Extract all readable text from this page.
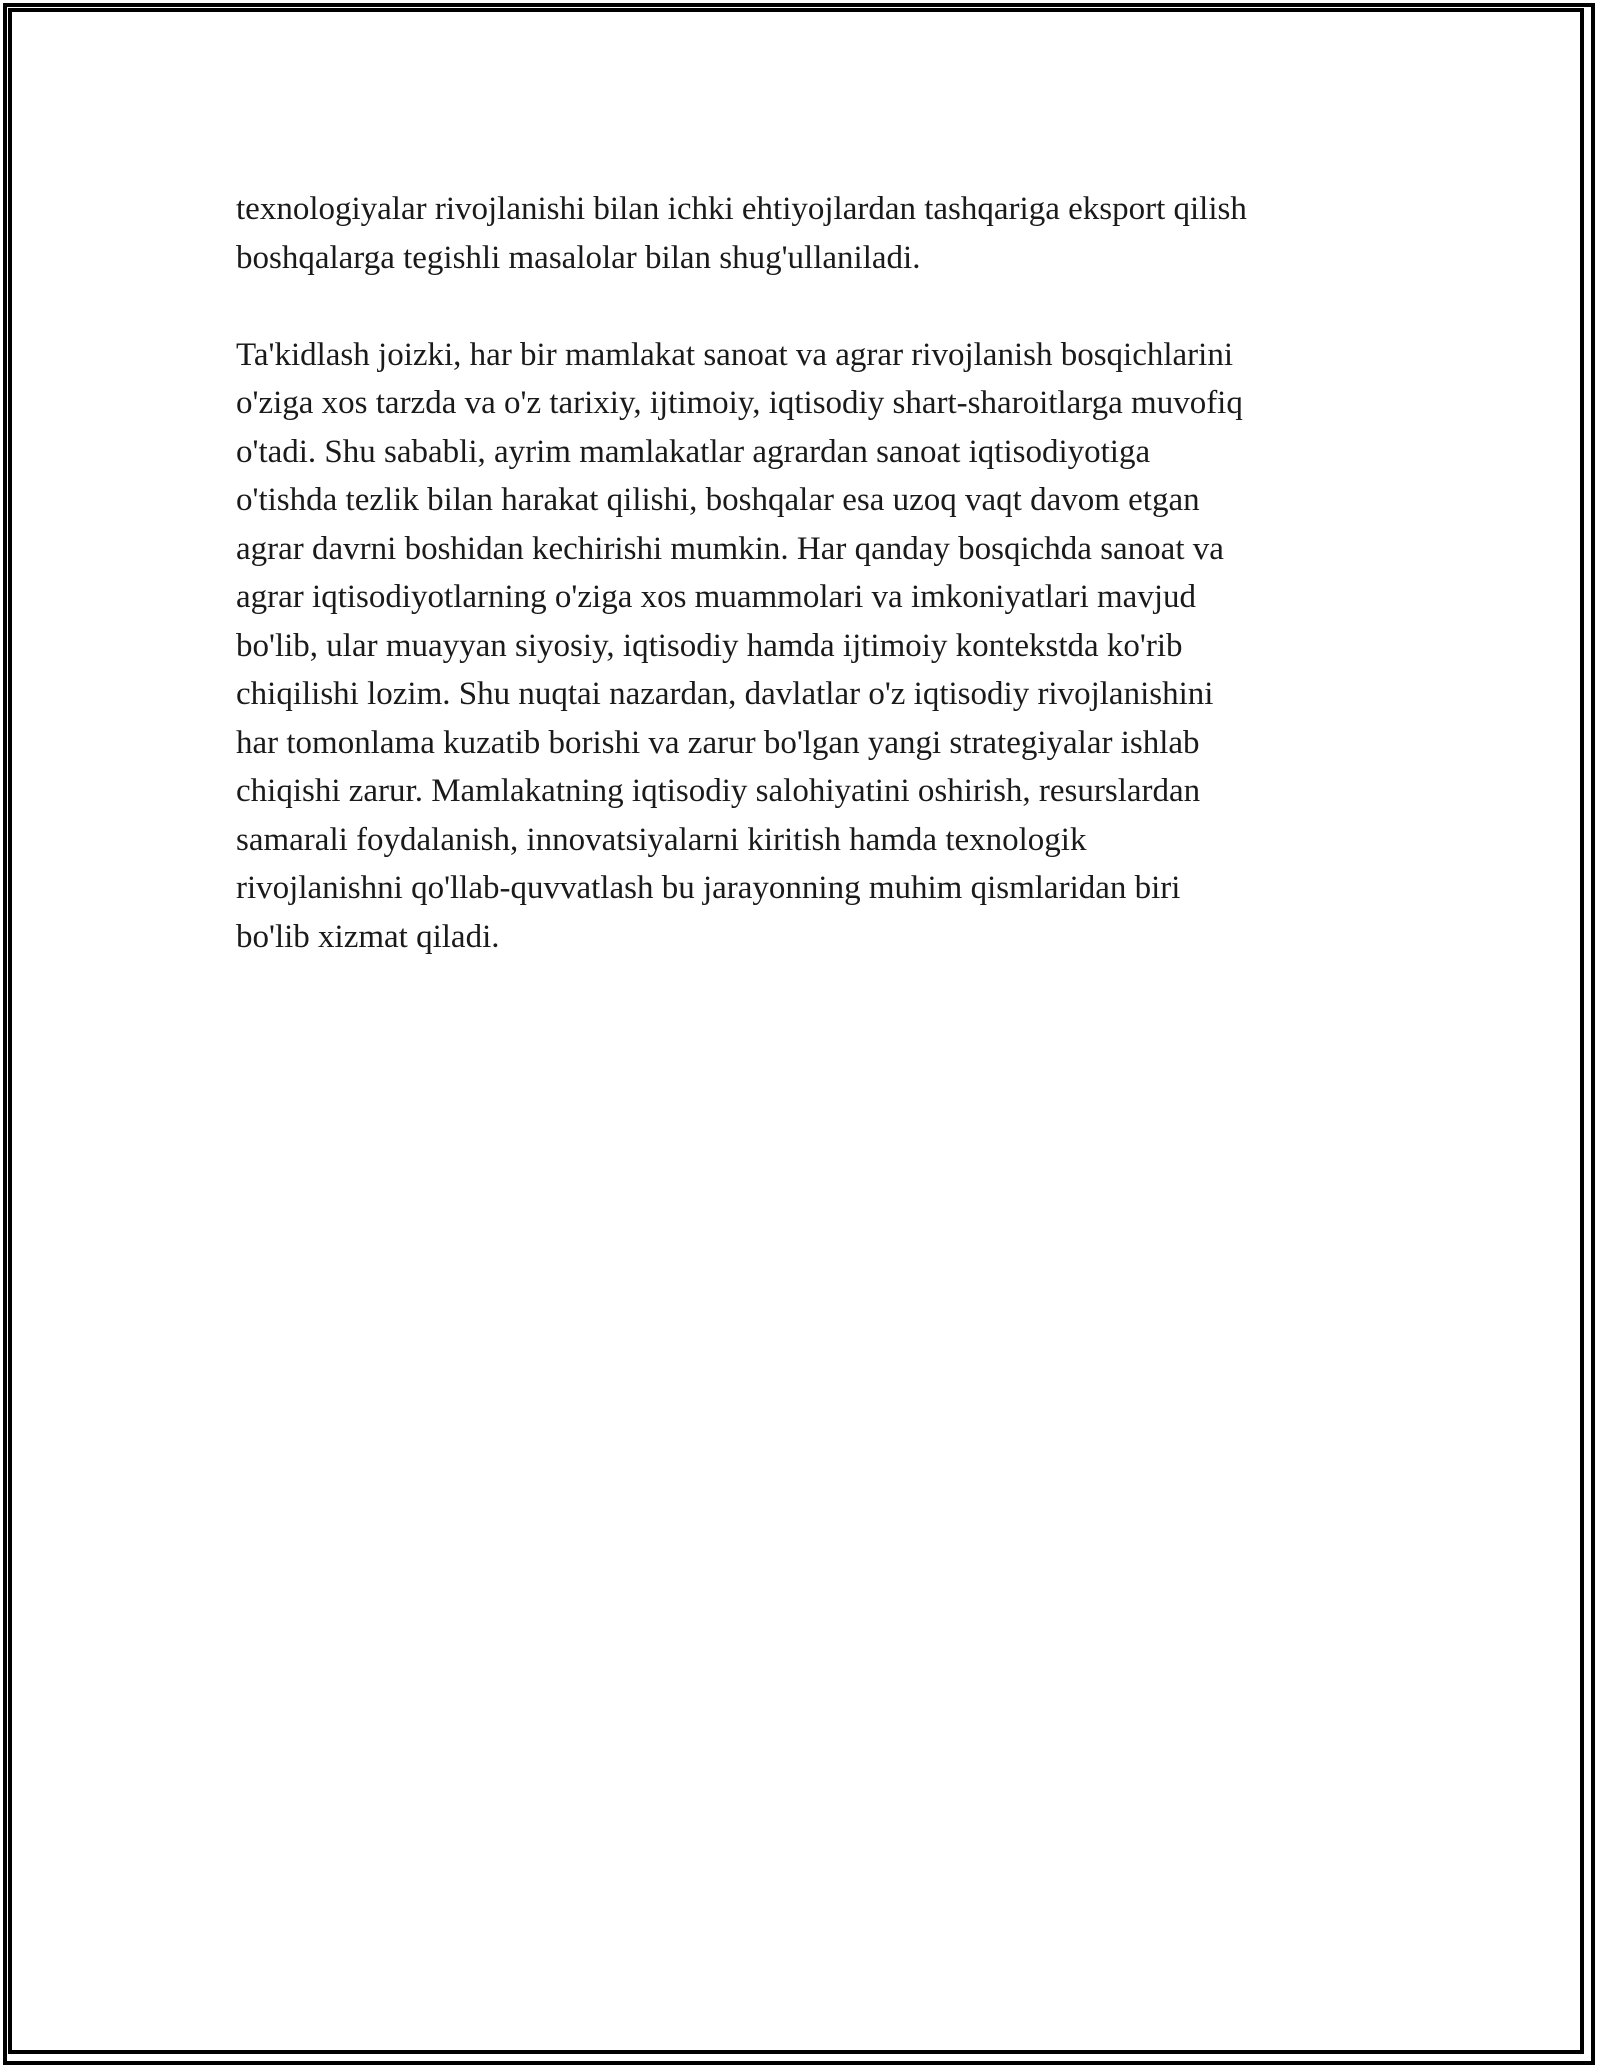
texnologiyalar rivojlanishi bilan ichki ehtiyojlardan tashqariga eksport qilish
boshqalarga tegishli masalolar bilan shug'ullaniladi.

Ta'kidlash joizki, har bir mamlakat sanoat va agrar rivojlanish bosqichlarini
o'ziga xos tarzda va o'z tarixiy, ijtimoiy, iqtisodiy shart-sharoitlarga muvofiq
o'tadi. Shu sababli, ayrim mamlakatlar agrardan sanoat iqtisodiyotiga
o'tishda tezlik bilan harakat qilishi, boshqalar esa uzoq vaqt davom etgan
agrar davrni boshidan kechirishi mumkin. Har qanday bosqichda sanoat va
agrar iqtisodiyotlarning o'ziga xos muammolari va imkoniyatlari mavjud
bo'lib, ular muayyan siyosiy, iqtisodiy hamda ijtimoiy kontekstda ko'rib
chiqilishi lozim. Shu nuqtai nazardan, davlatlar o'z iqtisodiy rivojlanishini
har tomonlama kuzatib borishi va zarur bo'lgan yangi strategiyalar ishlab
chiqishi zarur. Mamlakatning iqtisodiy salohiyatini oshirish, resurslardan
samarali foydalanish, innovatsiyalarni kiritish hamda texnologik
rivojlanishni qo'llab-quvvatlash bu jarayonning muhim qismlaridan biri
bo'lib xizmat qiladi.
